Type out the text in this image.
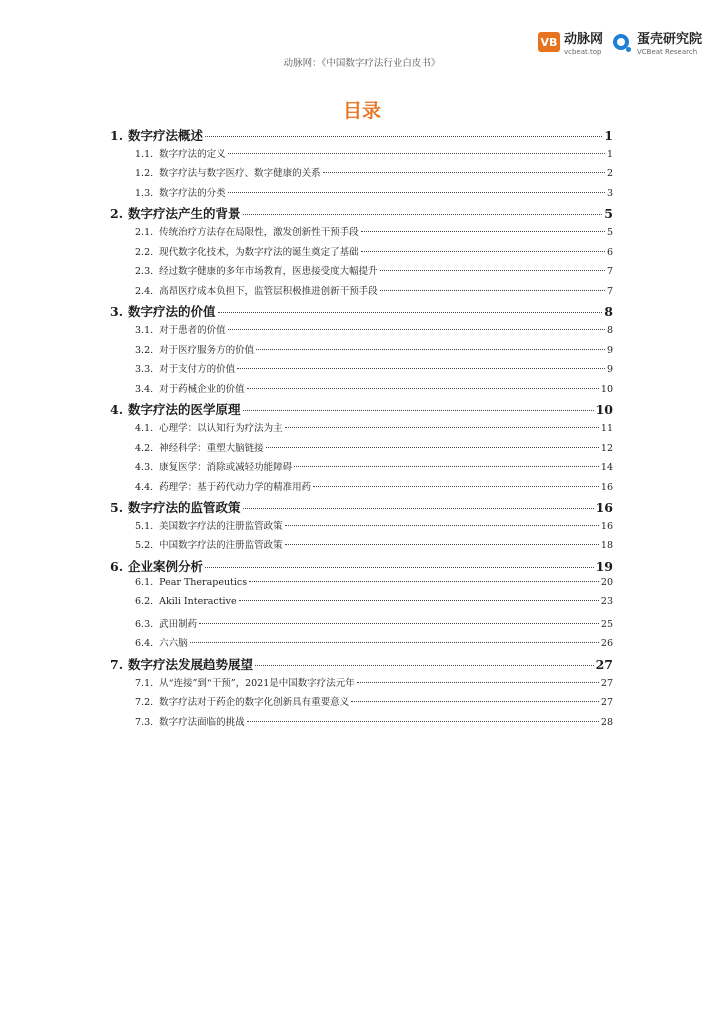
VB 动脉网
vcbeat.top
蛋壳研究院
VCBeat Research
动脉网：《中国数字疗法行业白皮书》
目录
1. 数字疗法概述	1
1.1. 数字疗法的定义	1
1.2. 数字疗法与数字医疗、数字健康的关系	2
1.3. 数字疗法的分类	3
2. 数字疗法产生的背景	5
2.1. 传统治疗方法存在局限性，激发创新性干预手段	5
2.2. 现代数字化技术，为数字疗法的诞生奠定了基础	6
2.3. 经过数字健康的多年市场教育，医患接受度大幅提升	7
2.4. 高昂医疗成本负担下，监管层积极推进创新干预手段	7
3. 数字疗法的价值	8
3.1. 对于患者的价值	8
3.2. 对于医疗服务方的价值	9
3.3. 对于支付方的价值	9
3.4. 对于药械企业的价值	10
4. 数字疗法的医学原理	10
4.1. 心理学：以认知行为疗法为主	11
4.2. 神经科学：重塑大脑链接	12
4.3. 康复医学：消除或减轻功能障碍	14
4.4. 药理学：基于药代动力学的精准用药	16
5. 数字疗法的监管政策	16
5.1. 美国数字疗法的注册监管政策	16
5.2. 中国数字疗法的注册监管政策	18
6. 企业案例分析	19
6.1. Pear Therapeutics	20
6.2. Akili Interactive	23
6.3. 武田制药	25
6.4. 六六脑	26
7. 数字疗法发展趋势展望	27
7.1. 从“连接”到“干预”，2021是中国数字疗法元年	27
7.2. 数字疗法对于药企的数字化创新具有重要意义	27
7.3. 数字疗法面临的挑战	28
